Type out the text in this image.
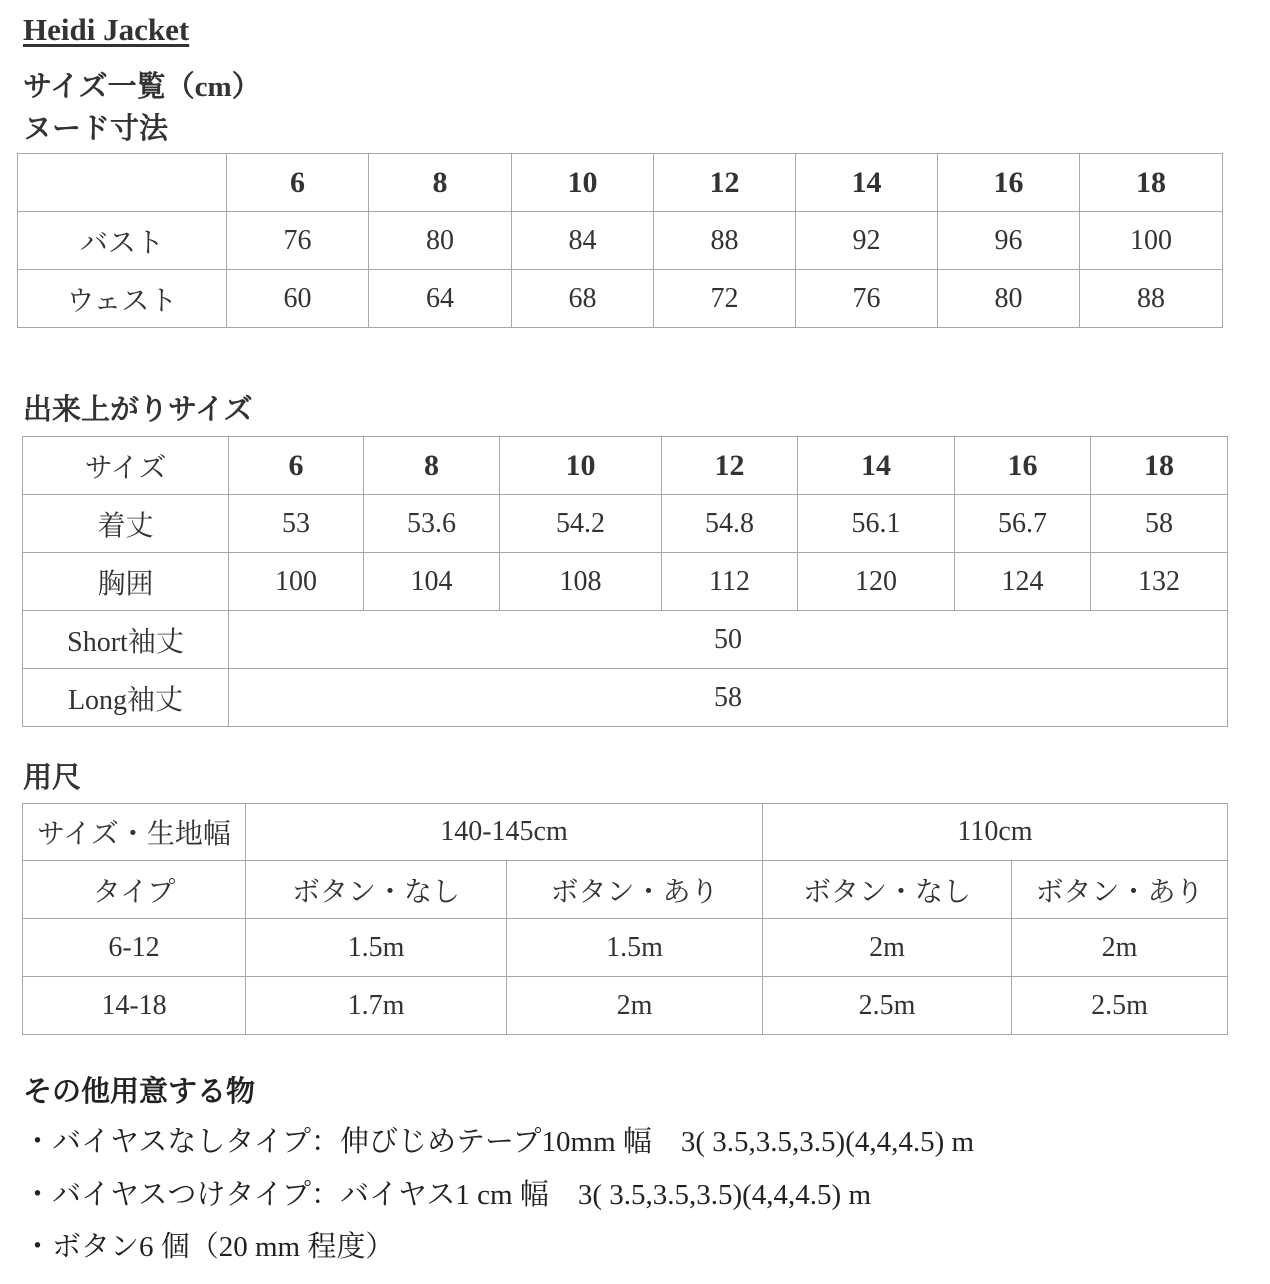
Heidi Jacket
サイズ一覧（cm）
ヌード寸法
	6	8	10	12	14	16	18
バスト	76	80	84	88	92	96	100
ウェスト	60	64	68	72	76	80	88
出来上がりサイズ
サイズ	6	8	10	12	14	16	18
着丈	53	53.6	54.2	54.8	56.1	56.7	58
胸囲	100	104	108	112	120	124	132
Short袖丈	50						
Long袖丈	58						
用尺
サイズ・生地幅	140-145cm		110cm	
タイプ	ボタン・なし	ボタン・あり	ボタン・なし	ボタン・あり
6-12	1.5m	1.5m	2m	2m
14-18	1.7m	2m	2.5m	2.5m
その他用意する物
・バイヤスなしタイプ：伸びじめテープ10mm 幅　3( 3.5,3.5,3.5)(4,4,4.5) m
・バイヤスつけタイプ：バイヤス1 cm 幅　3( 3.5,3.5,3.5)(4,4,4.5) m
・ボタン6 個（20 mm 程度）
